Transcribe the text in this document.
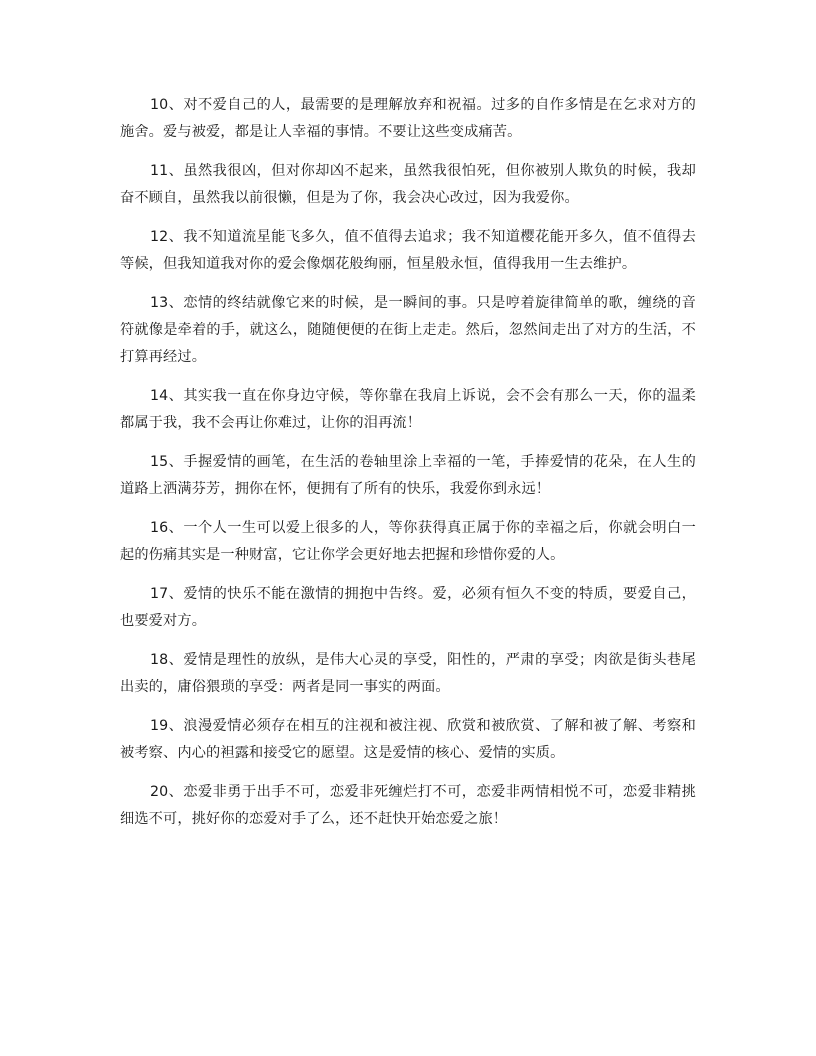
10、对不爱自己的人，最需要的是理解放弃和祝福。过多的自作多情是在乞求对方的施舍。爱与被爱，都是让人幸福的事情。不要让这些变成痛苦。

11、虽然我很凶，但对你却凶不起来，虽然我很怕死，但你被别人欺负的时候，我却奋不顾自，虽然我以前很懒，但是为了你，我会决心改过，因为我爱你。

12、我不知道流星能飞多久，值不值得去追求；我不知道樱花能开多久，值不值得去等候，但我知道我对你的爱会像烟花般绚丽，恒星般永恒，值得我用一生去维护。

13、恋情的终结就像它来的时候，是一瞬间的事。只是哼着旋律简单的歌，缠绕的音符就像是牵着的手，就这么，随随便便的在街上走走。然后，忽然间走出了对方的生活，不打算再经过。

14、其实我一直在你身边守候，等你靠在我肩上诉说，会不会有那么一天，你的温柔都属于我，我不会再让你难过，让你的泪再流！

15、手握爱情的画笔，在生活的卷轴里涂上幸福的一笔，手捧爱情的花朵，在人生的道路上洒满芬芳，拥你在怀，便拥有了所有的快乐，我爱你到永远！

16、一个人一生可以爱上很多的人，等你获得真正属于你的幸福之后，你就会明白一起的伤痛其实是一种财富，它让你学会更好地去把握和珍惜你爱的人。

17、爱情的快乐不能在激情的拥抱中告终。爱，必须有恒久不变的特质，要爱自己，也要爱对方。

18、爱情是理性的放纵，是伟大心灵的享受，阳性的，严肃的享受；肉欲是街头巷尾出卖的，庸俗猥琐的享受：两者是同一事实的两面。

19、浪漫爱情必须存在相互的注视和被注视、欣赏和被欣赏、了解和被了解、考察和被考察、内心的袒露和接受它的愿望。这是爱情的核心、爱情的实质。

20、恋爱非勇于出手不可，恋爱非死缠烂打不可，恋爱非两情相悦不可，恋爱非精挑细选不可，挑好你的恋爱对手了么，还不赶快开始恋爱之旅！
